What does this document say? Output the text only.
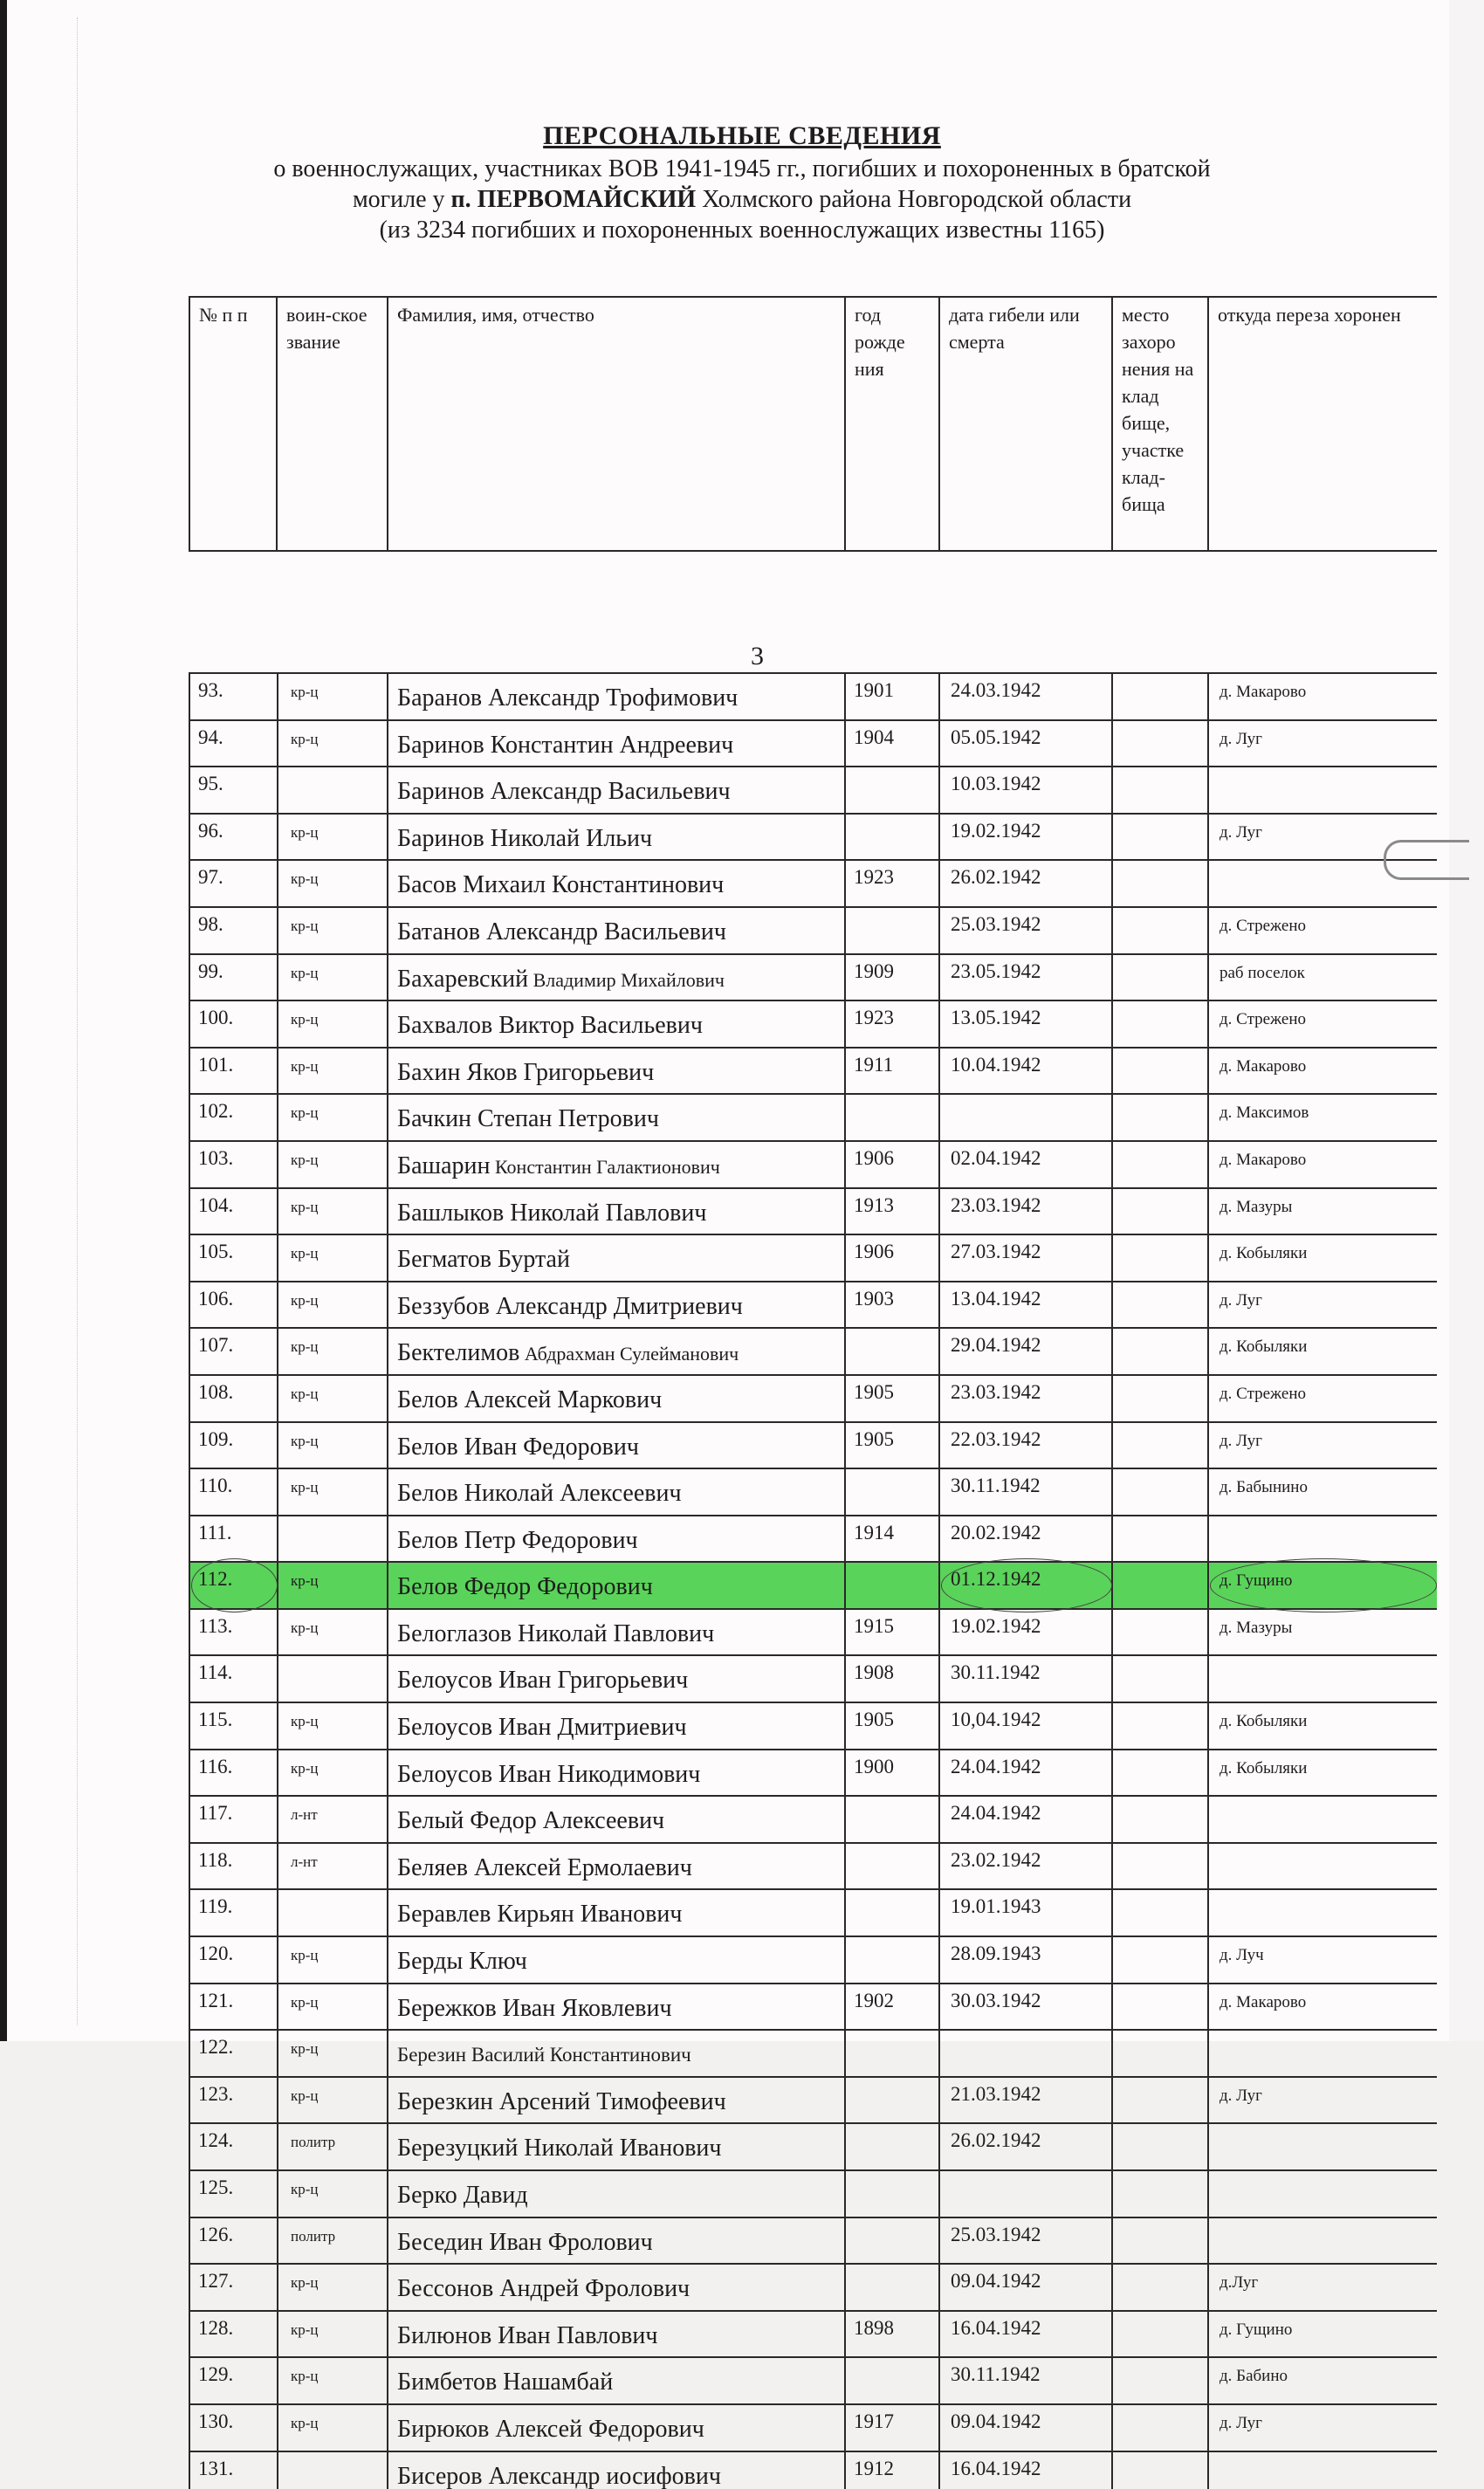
ПЕРСОНАЛЬНЫЕ СВЕДЕНИЯ
о военнослужащих, участниках ВОВ 1941-1945 гг., погибших и похороненных в братской
могиле у п. ПЕРВОМАЙСКИЙ Холмского района Новгородской области
(из 3234 погибших и похороненных военнослужащих известны 1165)
№ п п	воин-ское звание	Фамилия, имя, отчество	год рожде ния	дата гибели или смерта	место захоро нения на клад бище, участке клад-бища	откуда переза хоронен
3
93.	кр-ц	Баранов Александр Трофимович	1901	24.03.1942		д. Макарово
94.	кр-ц	Баринов Константин Андреевич	1904	05.05.1942		д. Луг
95.		Баринов Александр Васильевич		10.03.1942		
96.	кр-ц	Баринов Николай Ильич		19.02.1942		д. Луг
97.	кр-ц	Басов Михаил Константинович	1923	26.02.1942		
98.	кр-ц	Батанов Александр Васильевич		25.03.1942		д. Стрежено
99.	кр-ц	Бахаревский Владимир Михайлович	1909	23.05.1942		раб поселок
100.	кр-ц	Бахвалов Виктор Васильевич	1923	13.05.1942		д. Стрежено
101.	кр-ц	Бахин Яков Григорьевич	1911	10.04.1942		д. Макарово
102.	кр-ц	Бачкин Степан Петрович				д. Максимов
103.	кр-ц	Башарин Константин Галактионович	1906	02.04.1942		д. Макарово
104.	кр-ц	Башлыков Николай Павлович	1913	23.03.1942		д. Мазуры
105.	кр-ц	Бегматов Буртай	1906	27.03.1942		д. Кобыляки
106.	кр-ц	Беззубов Александр Дмитриевич	1903	13.04.1942		д. Луг
107.	кр-ц	Бектелимов Абдрахман Сулейманович		29.04.1942		д. Кобыляки
108.	кр-ц	Белов Алексей Маркович	1905	23.03.1942		д. Стрежено
109.	кр-ц	Белов Иван Федорович	1905	22.03.1942		д. Луг
110.	кр-ц	Белов Николай Алексеевич		30.11.1942		д. Бабынино
111.		Белов Петр Федорович	1914	20.02.1942		
112.	кр-ц	Белов Федор Федорович		01.12.1942		д. Гущино
113.	кр-ц	Белоглазов Николай Павлович	1915	19.02.1942		д. Мазуры
114.		Белоусов Иван Григорьевич	1908	30.11.1942		
115.	кр-ц	Белоусов Иван Дмитриевич	1905	10,04.1942		д. Кобыляки
116.	кр-ц	Белоусов Иван Никодимович	1900	24.04.1942		д. Кобыляки
117.	л-нт	Белый Федор Алексеевич		24.04.1942		
118.	л-нт	Беляев Алексей Ермолаевич		23.02.1942		
119.		Беравлев Кирьян Иванович		19.01.1943		
120.	кр-ц	Берды Ключ		28.09.1943		д. Луч
121.	кр-ц	Бережков Иван Яковлевич	1902	30.03.1942		д. Макарово
122.	кр-ц	Березин Василий Константинович				
123.	кр-ц	Березкин Арсений Тимофеевич		21.03.1942		д. Луг
124.	политр	Березуцкий Николай Иванович		26.02.1942		
125.	кр-ц	Берко Давид				
126.	политр	Беседин Иван Фролович		25.03.1942		
127.	кр-ц	Бессонов Андрей Фролович		09.04.1942		д.Луг
128.	кр-ц	Билюнов Иван Павлович	1898	16.04.1942		д. Гущино
129.	кр-ц	Бимбетов Нашамбай		30.11.1942		д. Бабино
130.	кр-ц	Бирюков Алексей Федорович	1917	09.04.1942		д. Луг
131.		Бисеров Александр иосифович	1912	16.04.1942		
